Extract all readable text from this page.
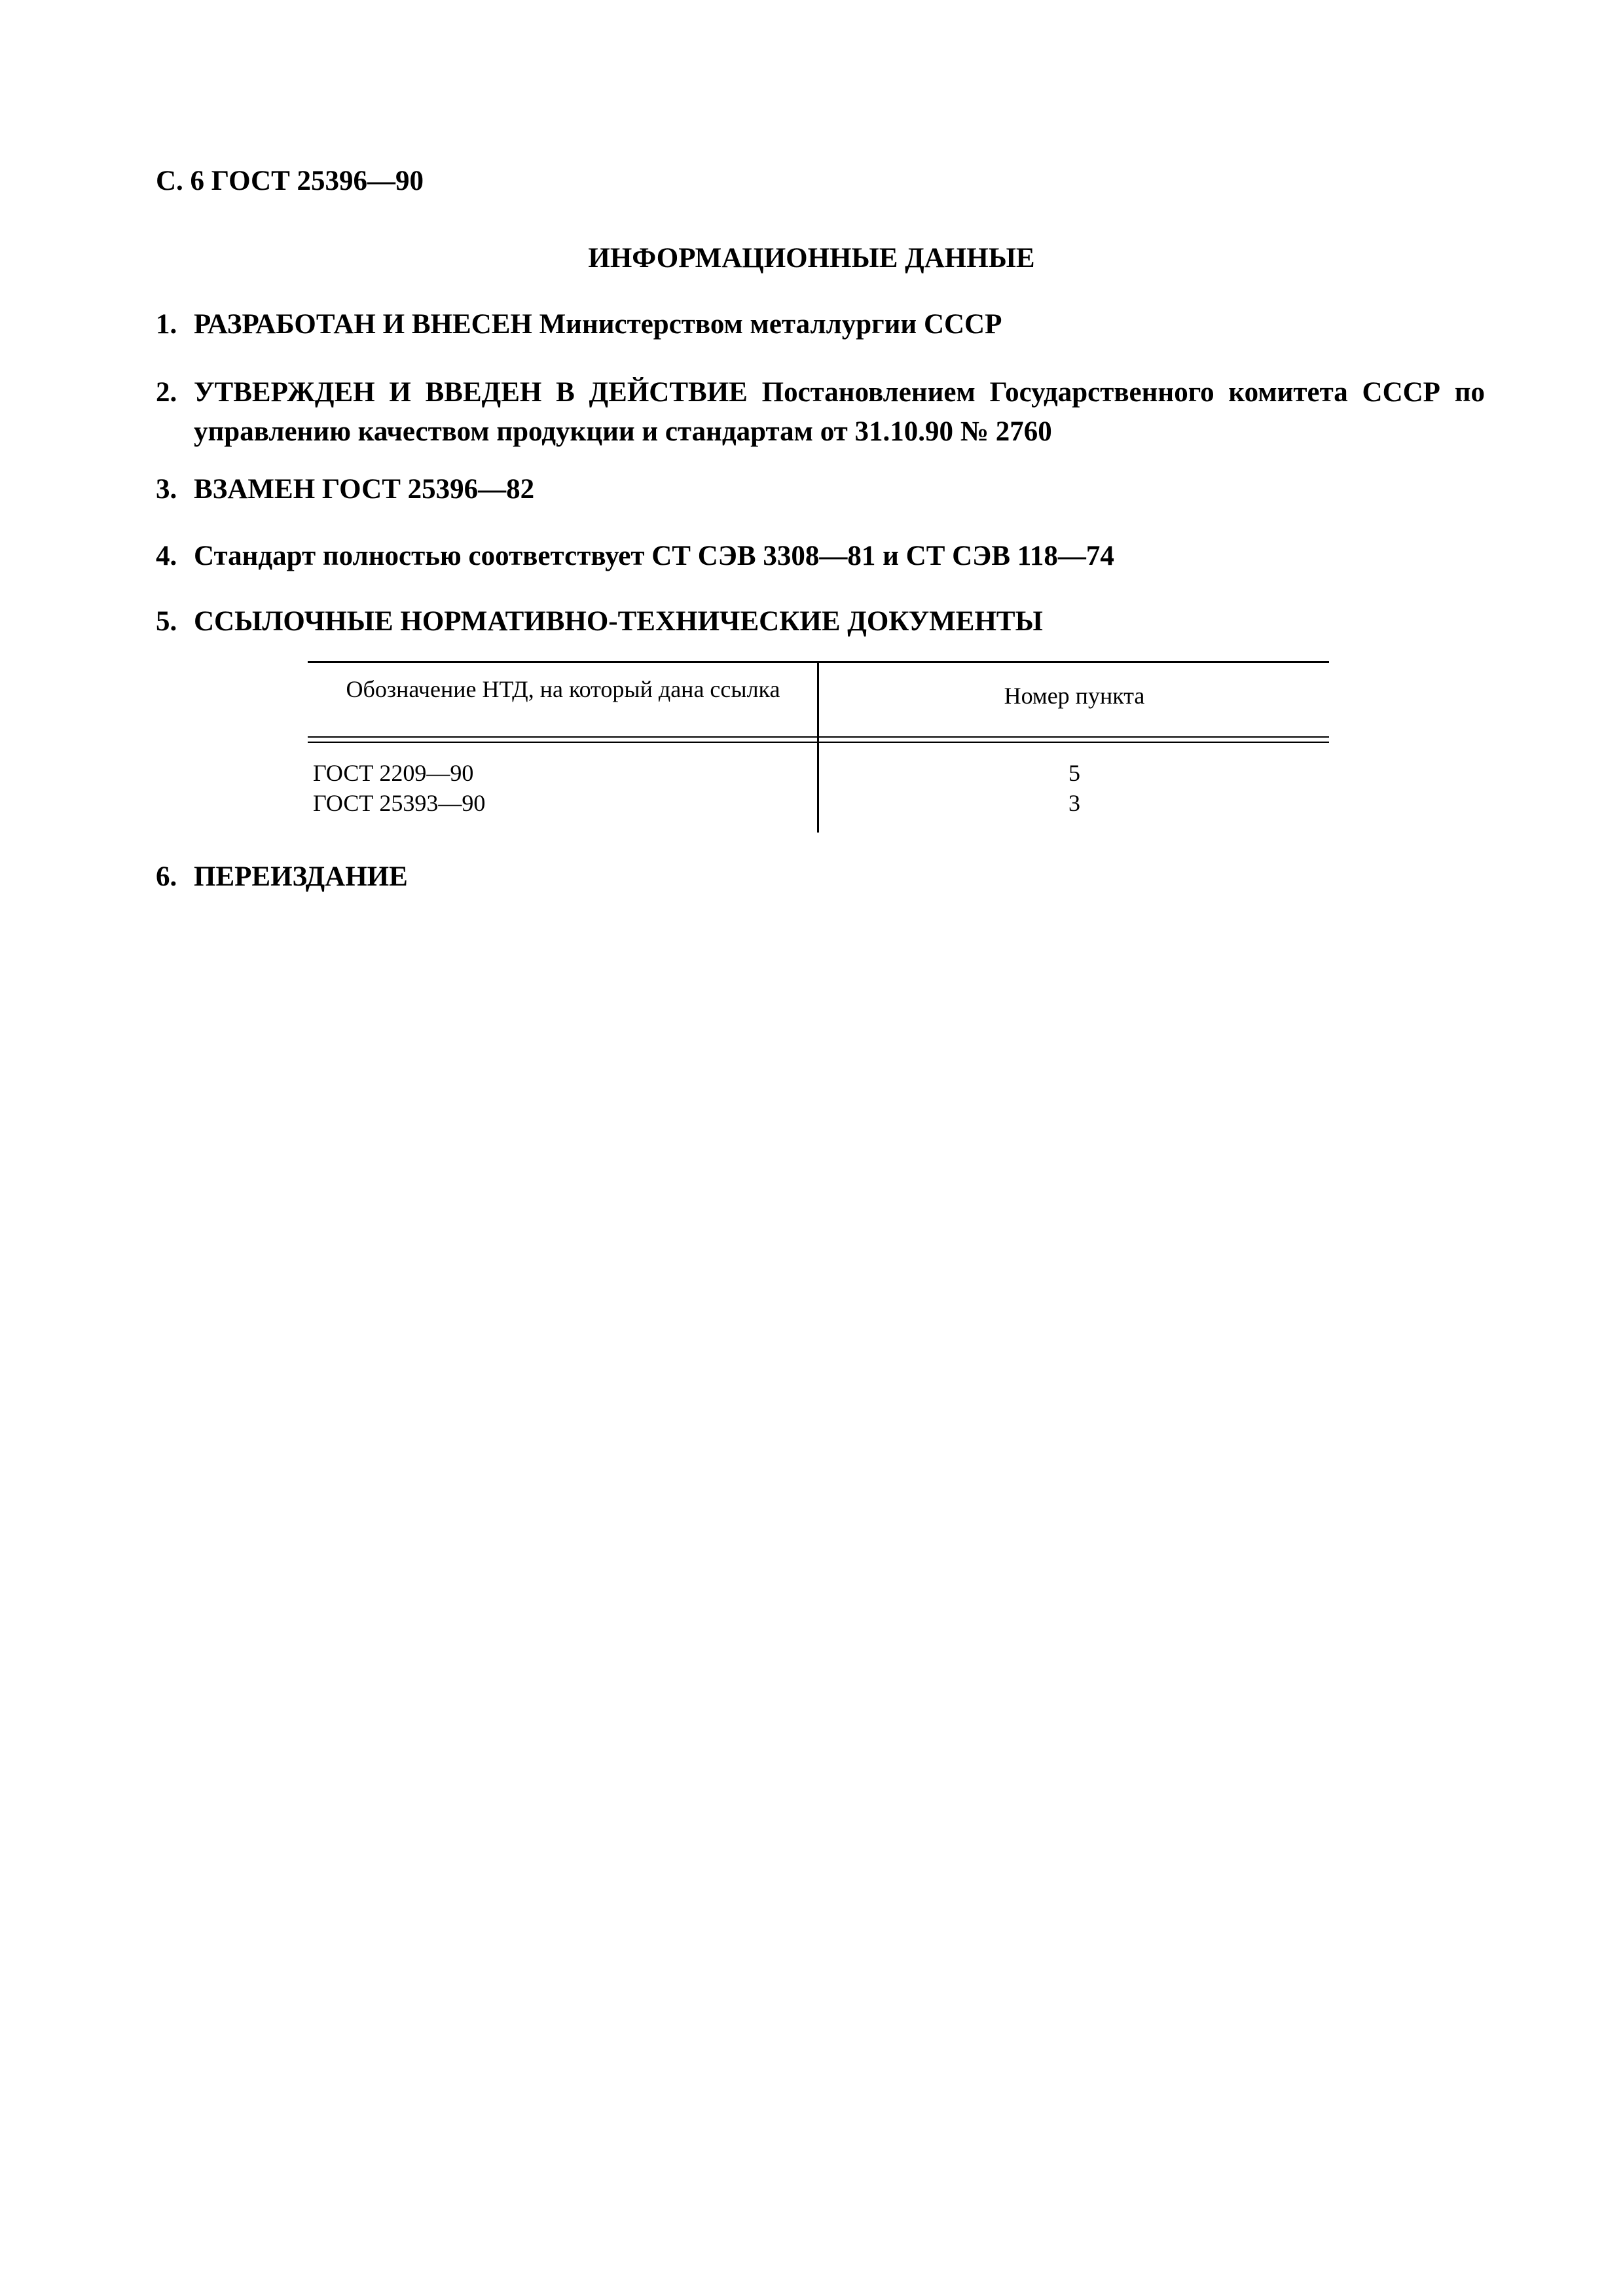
С. 6 ГОСТ 25396—90
ИНФОРМАЦИОННЫЕ ДАННЫЕ
1. РАЗРАБОТАН И ВНЕСЕН Министерством металлургии СССР
2. УТВЕРЖДЕН И ВВЕДЕН В ДЕЙСТВИЕ Постановлением Государственного комитета СССР по управлению качеством продукции и стандартам от 31.10.90 № 2760
3. ВЗАМЕН ГОСТ 25396—82
4. Стандарт полностью соответствует СТ СЭВ 3308—81 и СТ СЭВ 118—74
5. ССЫЛОЧНЫЕ НОРМАТИВНО-ТЕХНИЧЕСКИЕ ДОКУМЕНТЫ
Обозначение НТД, на который дана ссылка	Номер пункта
ГОСТ 2209—90	5
ГОСТ 25393—90	3
6. ПЕРЕИЗДАНИЕ
